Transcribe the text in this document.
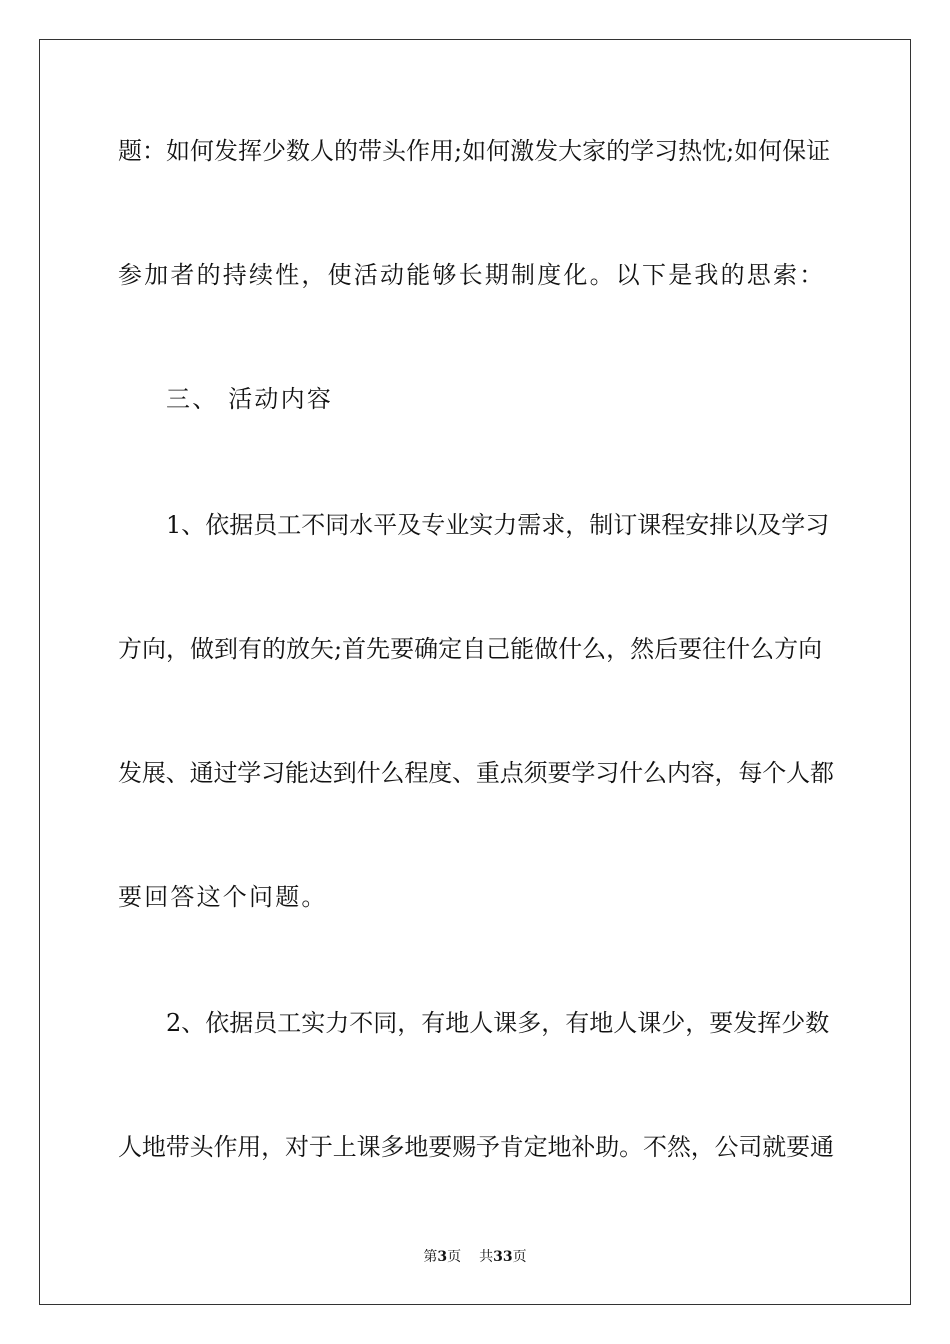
题：如何发挥少数人的带头作用;如何激发大家的学习热忱;如何保证
参加者的持续性，使活动能够长期制度化。以下是我的思索：
三、 活动内容
1、依据员工不同水平及专业实力需求，制订课程安排以及学习
方向，做到有的放矢;首先要确定自己能做什么，然后要往什么方向
发展、通过学习能达到什么程度、重点须要学习什么内容，每个人都
要回答这个问题。
2、依据员工实力不同，有地人课多，有地人课少，要发挥少数
人地带头作用，对于上课多地要赐予肯定地补助。不然，公司就要通
第3页 共33页
